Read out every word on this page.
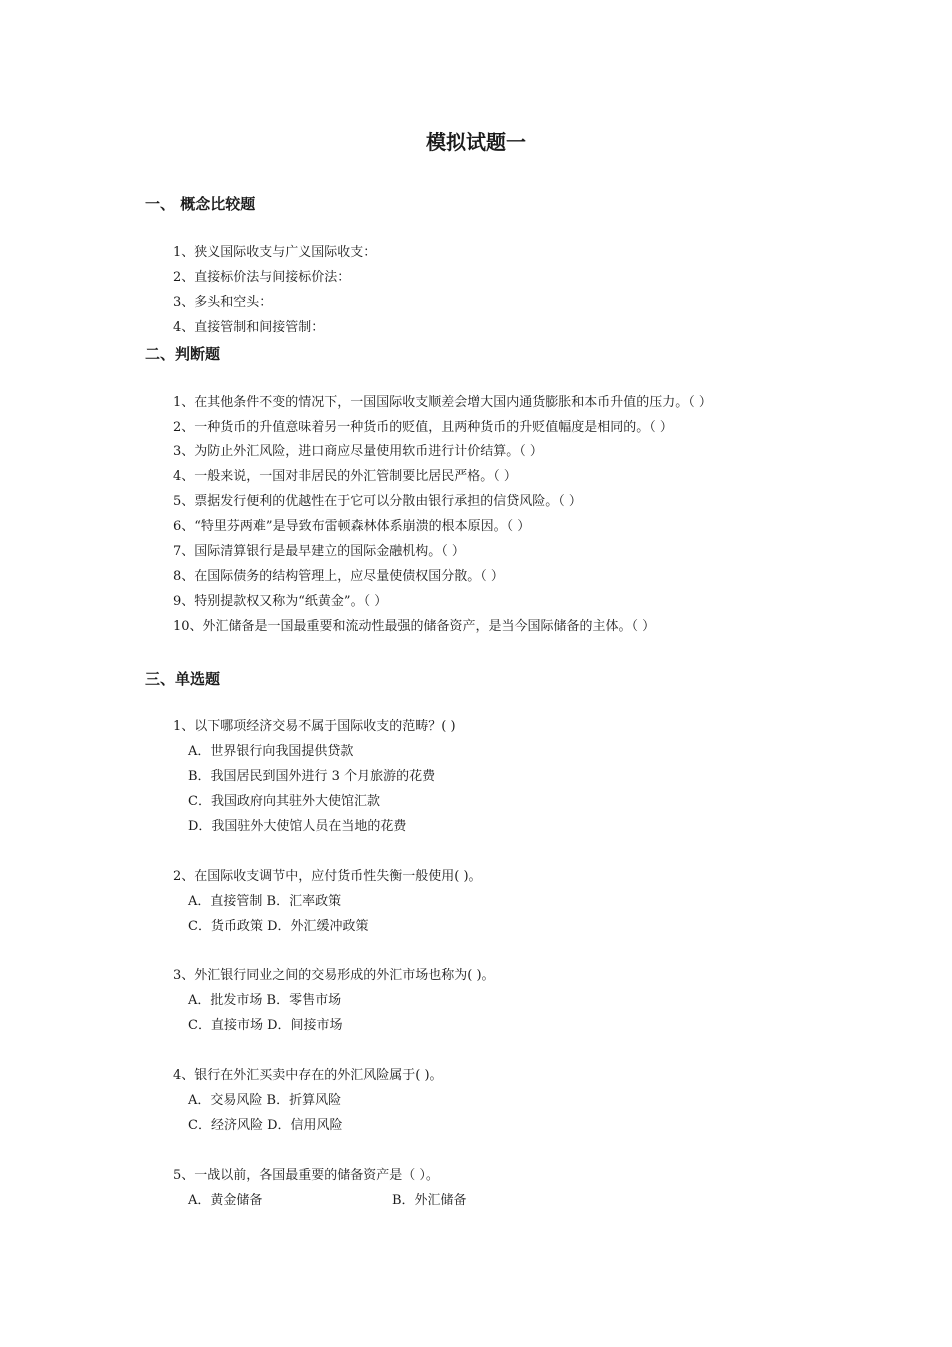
模拟试题一
一、 概念比较题
1、狭义国际收支与广义国际收支：
2、直接标价法与间接标价法：
3、多头和空头：
4、直接管制和间接管制：
二、判断题
1、在其他条件不变的情况下，一国国际收支顺差会增大国内通货膨胀和本币升值的压力。（ ）
2、一种货币的升值意味着另一种货币的贬值，且两种货币的升贬值幅度是相同的。（ ）
3、为防止外汇风险，进口商应尽量使用软币进行计价结算。（ ）
4、一般来说，一国对非居民的外汇管制要比居民严格。（ ）
5、票据发行便利的优越性在于它可以分散由银行承担的信贷风险。（ ）
6、“特里芬两难”是导致布雷顿森林体系崩溃的根本原因。（ ）
7、国际清算银行是最早建立的国际金融机构。（ ）
8、在国际债务的结构管理上，应尽量使债权国分散。（ ）
9、特别提款权又称为“纸黄金”。（ ）
10、外汇储备是一国最重要和流动性最强的储备资产，是当今国际储备的主体。（ ）
三、单选题
1、以下哪项经济交易不属于国际收支的范畴？( )
A．世界银行向我国提供贷款
B．我国居民到国外进行 3 个月旅游的花费
C．我国政府向其驻外大使馆汇款
D．我国驻外大使馆人员在当地的花费
2、在国际收支调节中，应付货币性失衡一般使用( )。
A．直接管制 B．汇率政策
C．货币政策 D．外汇缓冲政策
3、外汇银行同业之间的交易形成的外汇市场也称为( )。
A．批发市场 B．零售市场
C．直接市场 D．间接市场
4、银行在外汇买卖中存在的外汇风险属于( )。
A．交易风险 B．折算风险
C．经济风险 D．信用风险
5、一战以前，各国最重要的储备资产是（ ）。
A．黄金储备	B．外汇储备
